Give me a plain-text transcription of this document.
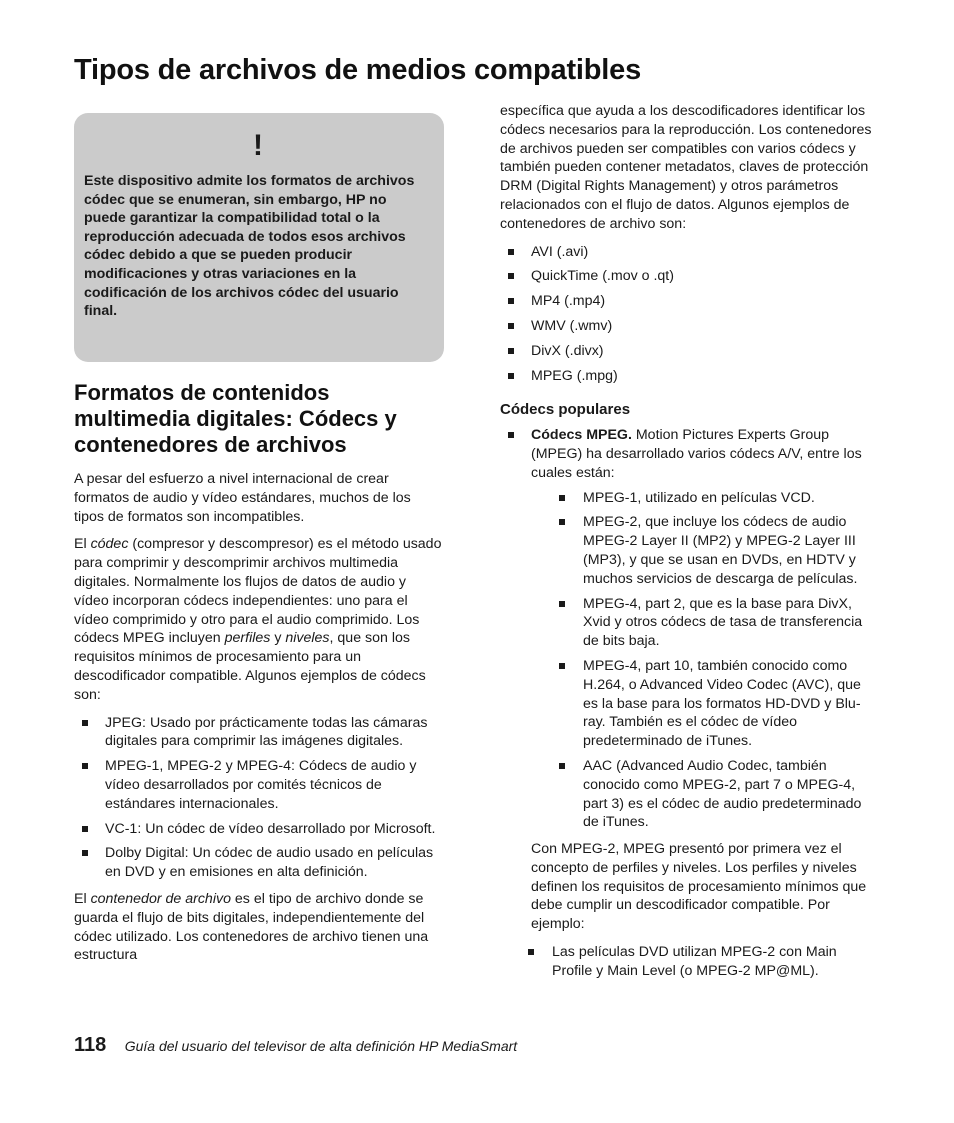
Tipos de archivos de medios compatibles
!

Este dispositivo admite los formatos de archivos códec que se enumeran, sin embargo, HP no puede garantizar la compatibilidad total o la reproducción adecuada de todos esos archivos códec debido a que se pueden producir modificaciones y otras variaciones en la codificación de los archivos códec del usuario final.

Formatos de contenidos multimedia digitales: Códecs y contenedores de archivos

A pesar del esfuerzo a nivel internacional de crear formatos de audio y vídeo estándares, muchos de los tipos de formatos son incompatibles.

El códec (compresor y descompresor) es el método usado para comprimir y descomprimir archivos multimedia digitales. Normalmente los flujos de datos de audio y vídeo incorporan códecs independientes: uno para el vídeo comprimido y otro para el audio comprimido. Los códecs MPEG incluyen perfiles y niveles, que son los requisitos mínimos de procesamiento para un descodificador compatible. Algunos ejemplos de códecs son:

JPEG: Usado por prácticamente todas las cámaras digitales para comprimir las imágenes digitales.
MPEG-1, MPEG-2 y MPEG-4: Códecs de audio y vídeo desarrollados por comités técnicos de estándares internacionales.
VC-1: Un códec de vídeo desarrollado por Microsoft.
Dolby Digital: Un códec de audio usado en películas en DVD y en emisiones en alta definición.

El contenedor de archivo es el tipo de archivo donde se guarda el flujo de bits digitales, independientemente del códec utilizado. Los contenedores de archivo tienen una estructura

específica que ayuda a los descodificadores identificar los códecs necesarios para la reproducción. Los contenedores de archivos pueden ser compatibles con varios códecs y también pueden contener metadatos, claves de protección DRM (Digital Rights Management) y otros parámetros relacionados con el flujo de datos. Algunos ejemplos de contenedores de archivo son:

AVI (.avi)
QuickTime (.mov o .qt)
MP4 (.mp4)
WMV (.wmv)
DivX (.divx)
MPEG (.mpg)
Códecs populares
Códecs MPEG. Motion Pictures Experts Group (MPEG) ha desarrollado varios códecs A/V, entre los cuales están:
MPEG-1, utilizado en películas VCD.
MPEG-2, que incluye los códecs de audio MPEG-2 Layer II (MP2) y MPEG-2 Layer III (MP3), y que se usan en DVDs, en HDTV y muchos servicios de descarga de películas.
MPEG-4, part 2, que es la base para DivX, Xvid y otros códecs de tasa de transferencia de bits baja.
MPEG-4, part 10, también conocido como H.264, o Advanced Video Codec (AVC), que es la base para los formatos HD-DVD y Blu-ray. También es el códec de vídeo predeterminado de iTunes.
AAC (Advanced Audio Codec, también conocido como MPEG-2, part 7 o MPEG-4, part 3) es el códec de audio predeterminado de iTunes.

Con MPEG-2, MPEG presentó por primera vez el concepto de perfiles y niveles. Los perfiles y niveles definen los requisitos de procesamiento mínimos que debe cumplir un descodificador compatible. Por ejemplo:

Las películas DVD utilizan MPEG-2 con Main Profile y Main Level (o MPEG-2 MP@ML).
118 Guía del usuario del televisor de alta definición HP MediaSmart
